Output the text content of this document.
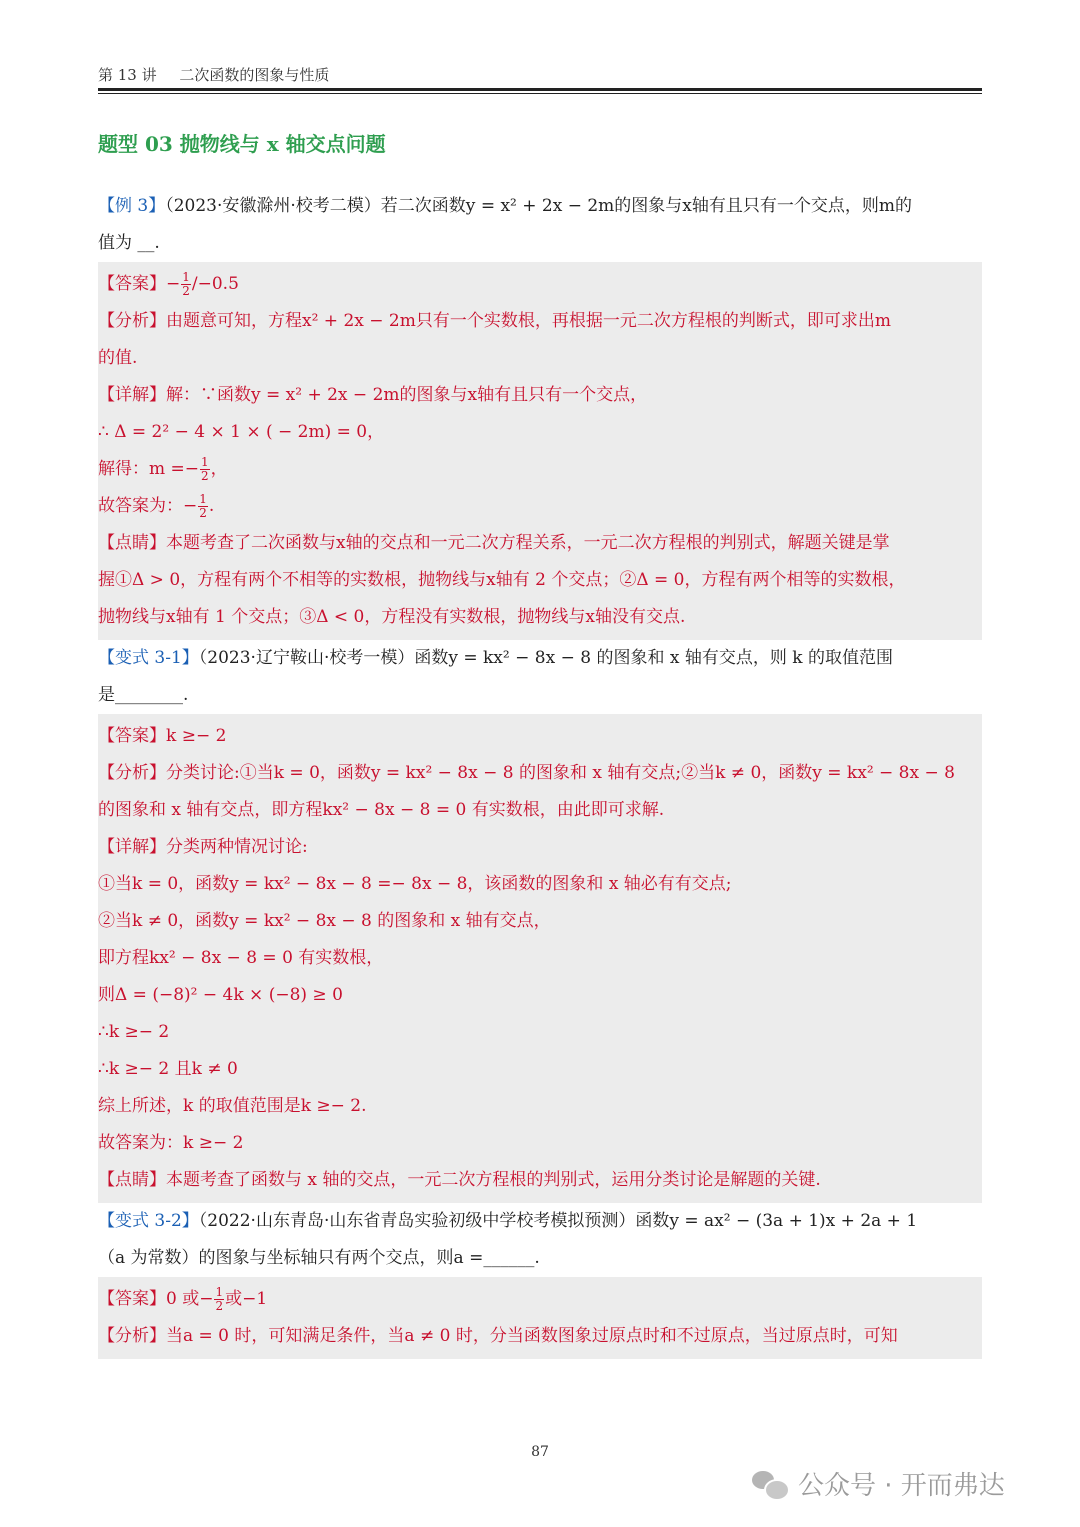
第 13 讲 二次函数的图象与性质
题型 03 抛物线与 x 轴交点问题
【例 3】（2023·安徽滁州·校考二模）若二次函数y = x² + 2x − 2m的图象与x轴有且只有一个交点，则m的
值为 __.
【答案】− $\frac{1}{2} /-0.5$
【分析】由题意可知，方程x² + 2x − 2m只有一个实数根，再根据一元二次方程根的判断式，即可求出m
的值.
【详解】解：∵函数y = x² + 2x − 2m的图象与x轴有且只有一个交点，
∴ Δ = 2² − 4 × 1 × ( − 2m) = 0，
解得：$m =- \frac{1}{2}$ ，
故答案为：− $\frac{1}{2}$ .
【点睛】本题考查了二次函数与x轴的交点和一元二次方程关系，一元二次方程根的判别式，解题关键是掌
握①Δ > 0，方程有两个不相等的实数根，抛物线与x轴有 2 个交点；②Δ = 0，方程有两个相等的实数根，
抛物线与x轴有 1 个交点；③Δ < 0，方程没有实数根，抛物线与x轴没有交点.
【变式 3-1】（2023·辽宁鞍山·校考一模）函数y = kx² − 8x − 8 的图象和 x 轴有交点，则 k 的取值范围
是________.
【答案】k ≥− 2
【分析】分类讨论:①当k = 0，函数y = kx² − 8x − 8 的图象和 x 轴有交点;②当k ≠ 0，函数y = kx² − 8x − 8
的图象和 x 轴有交点，即方程kx² − 8x − 8 = 0 有实数根，由此即可求解.
【详解】分类两种情况讨论:
①当k = 0，函数y = kx² − 8x − 8 =− 8x − 8，该函数的图象和 x 轴必有有交点;
②当k ≠ 0，函数y = kx² − 8x − 8 的图象和 x 轴有交点，
即方程kx² − 8x − 8 = 0 有实数根，
则Δ = (−8)² − 4k × (−8) ≥ 0
∴k ≥− 2
∴k ≥− 2 且k ≠ 0
综上所述，k 的取值范围是k ≥− 2.
故答案为：k ≥− 2
【点睛】本题考查了函数与 x 轴的交点，一元二次方程根的判别式，运用分类讨论是解题的关键.
【变式 3-2】（2022·山东青岛·山东省青岛实验初级中学校考模拟预测）函数y = ax² − (3a + 1)x + 2a + 1
（a 为常数）的图象与坐标轴只有两个交点，则a =______.
【答案】0 或− $\frac{1}{2}$ 或−1
【分析】当a = 0 时，可知满足条件，当a ≠ 0 时，分当函数图象过原点时和不过原点，当过原点时，可知
87
公众号 · 开而弗达
